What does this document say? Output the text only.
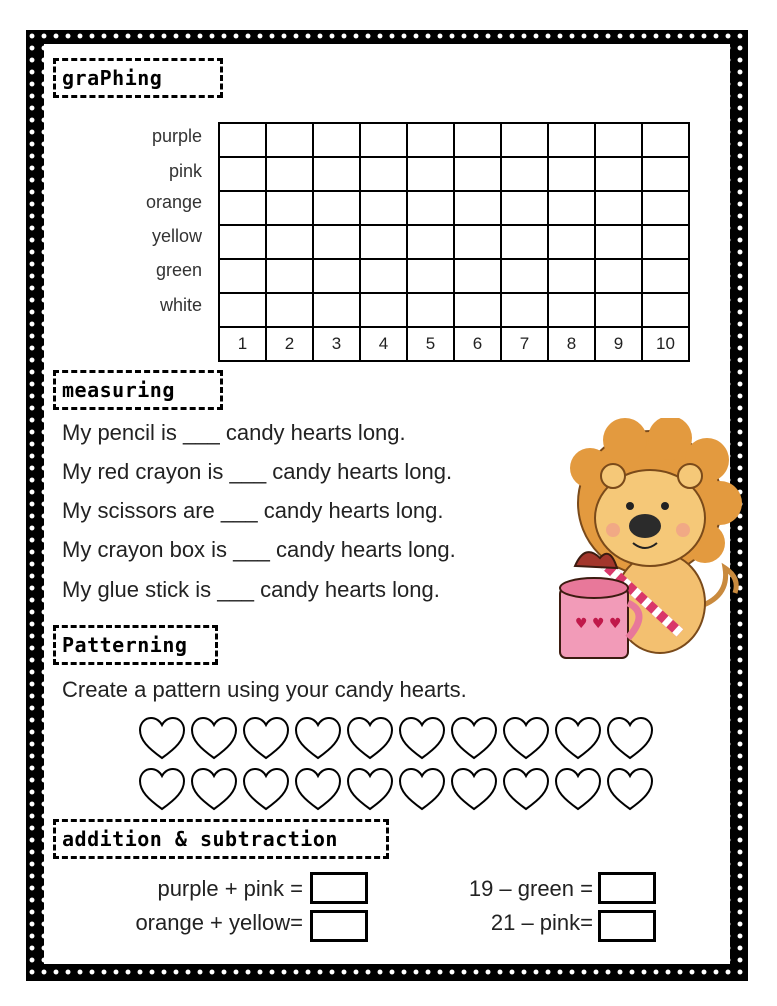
graPhing
purple
pink
orange
yellow
green
white

1	2	3	4	5	6	7	8	9	10
measuring
My pencil is ___ candy hearts long.
My red crayon is ___ candy hearts long.
My scissors are ___ candy hearts long.
My crayon box is ___ candy hearts long.
My glue stick is ___ candy hearts long.
♥ ♥ ♥
Patterning
Create a pattern using your candy hearts.
addition & subtraction
purple + pink =
orange + yellow=
19 – green =
21 – pink=
